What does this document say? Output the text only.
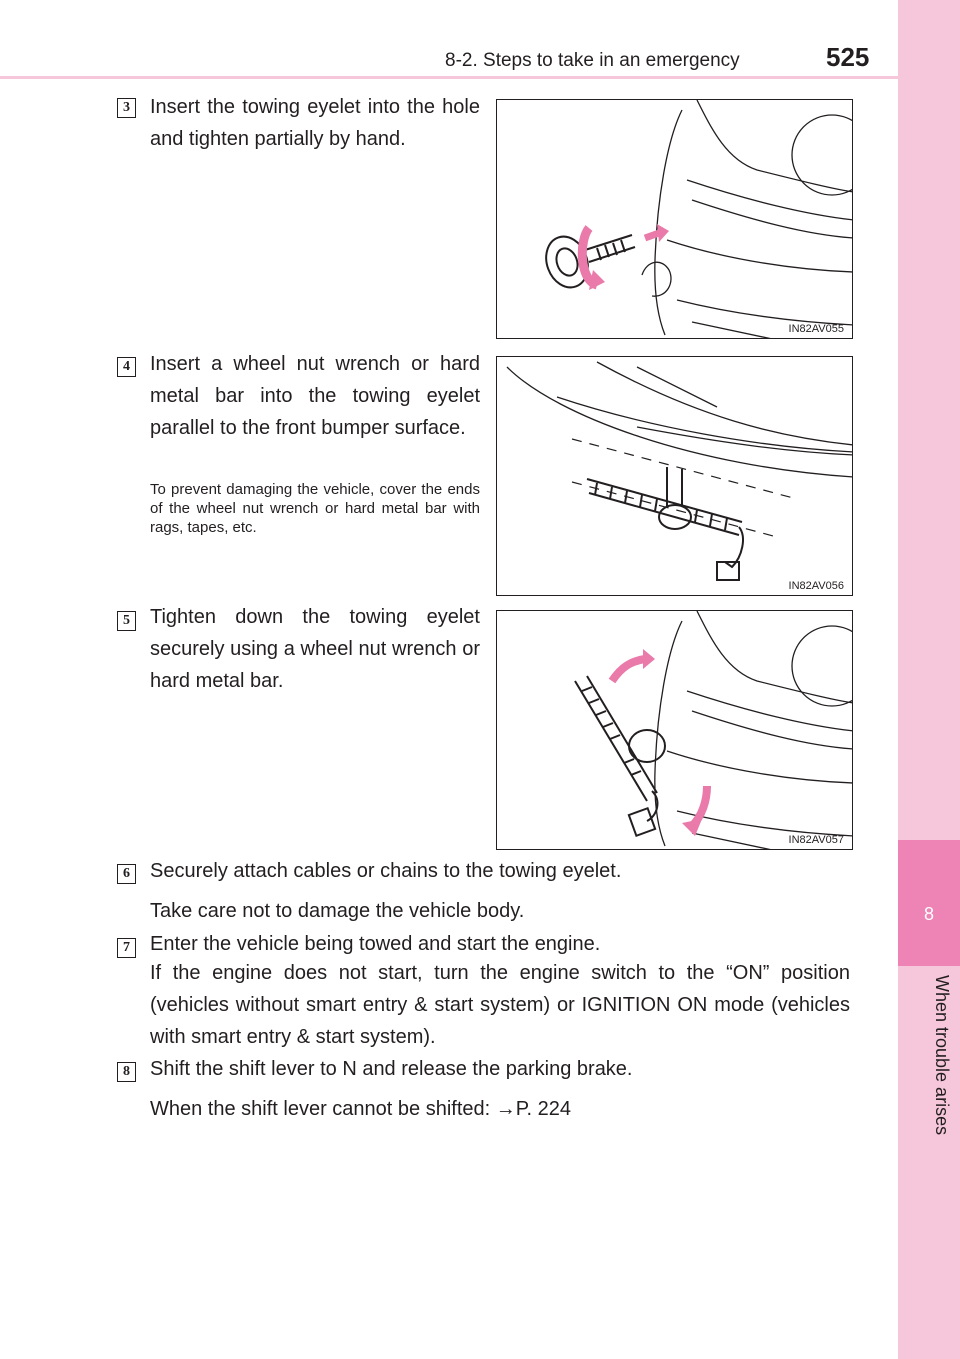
8-2. Steps to take in an emergency	525
8
When trouble arises
3	Insert the towing eyelet into the hole and tighten partially by hand.
IN82AV055
4	Insert a wheel nut wrench or hard metal bar into the towing eyelet parallel to the front bumper surface.
To prevent damaging the vehicle, cover the ends of the wheel nut wrench or hard metal bar with rags, tapes, etc.
IN82AV056
5	Tighten down the towing eyelet securely using a wheel nut wrench or hard metal bar.
IN82AV057
6	Securely attach cables or chains to the towing eyelet.
Take care not to damage the vehicle body.
7	Enter the vehicle being towed and start the engine.
If the engine does not start, turn the engine switch to the “ON” position (vehicles without smart entry & start system) or IGNITION ON mode (vehicles with smart entry & start system).
8	Shift the shift lever to N and release the parking brake.
When the shift lever cannot be shifted: →P. 224
